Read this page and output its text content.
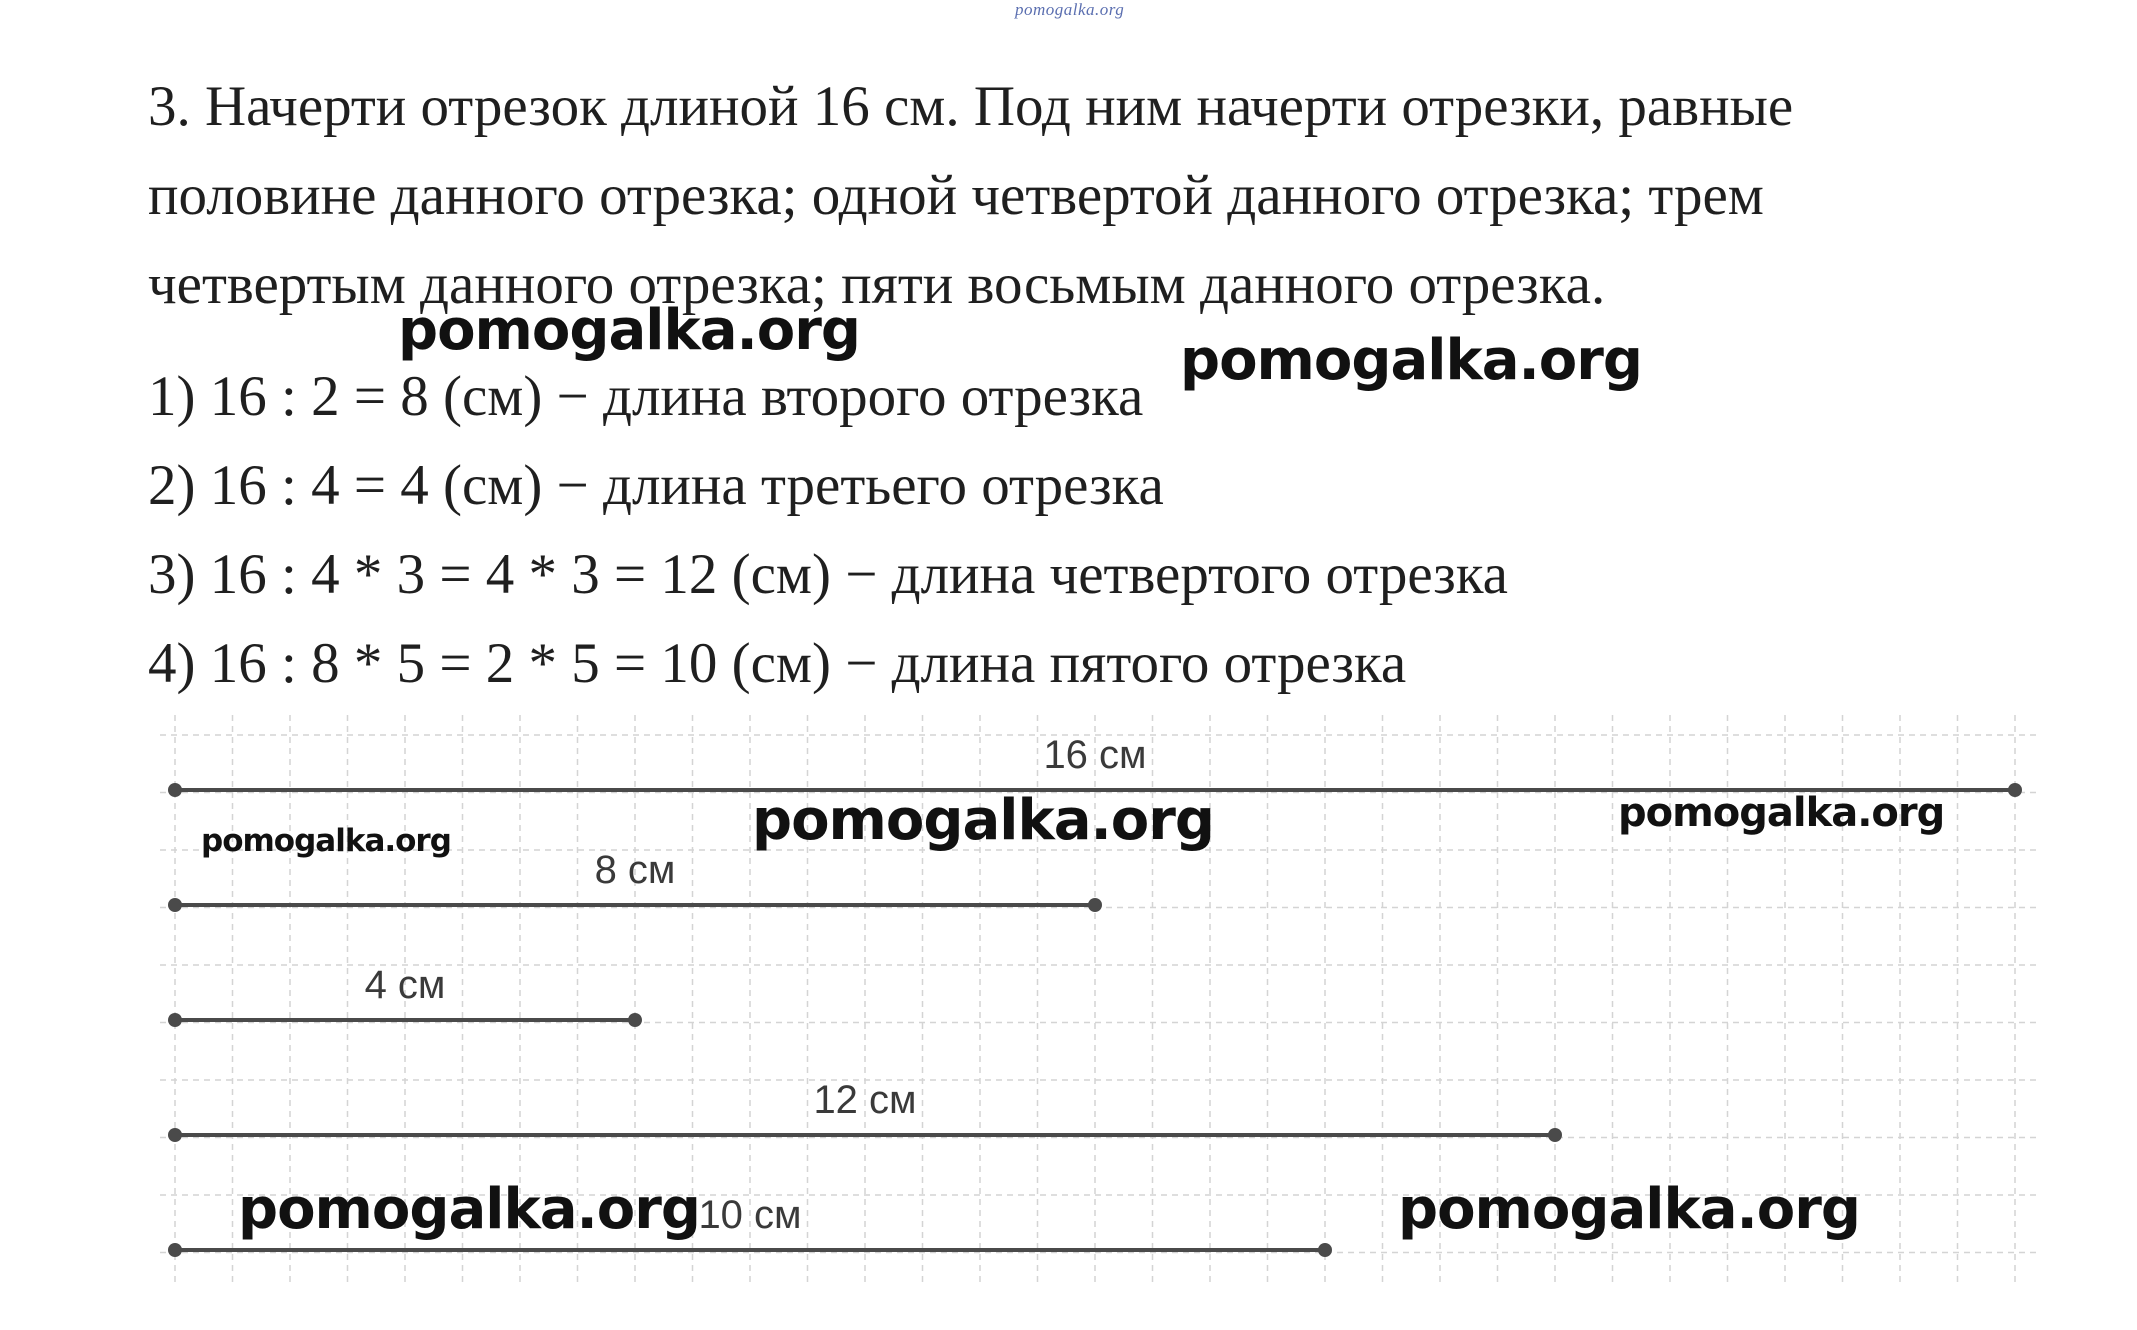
pomogalka.org
3. Начерти отрезок длиной 16 см. Под ним начерти отрезки, равные
половине данного отрезка; одной четвертой данного отрезка; трем
четвертым данного отрезка; пяти восьмым данного отрезка.
1) 16 : 2 = 8 (см) − длина второго отрезка
2) 16 : 4 = 4 (см) − длина третьего отрезка
3) 16 : 4 * 3 = 4 * 3 = 12 (см) − длина четвертого отрезка
4) 16 : 8 * 5 = 2 * 5 = 10 (см) − длина пятого отрезка
16 см
8 см
4 см
12 см
10 см
pomogalka.org	pomogalka.org
pomogalka.org	pomogalka.org
pomogalka.org
pomogalka.org	pomogalka.org
